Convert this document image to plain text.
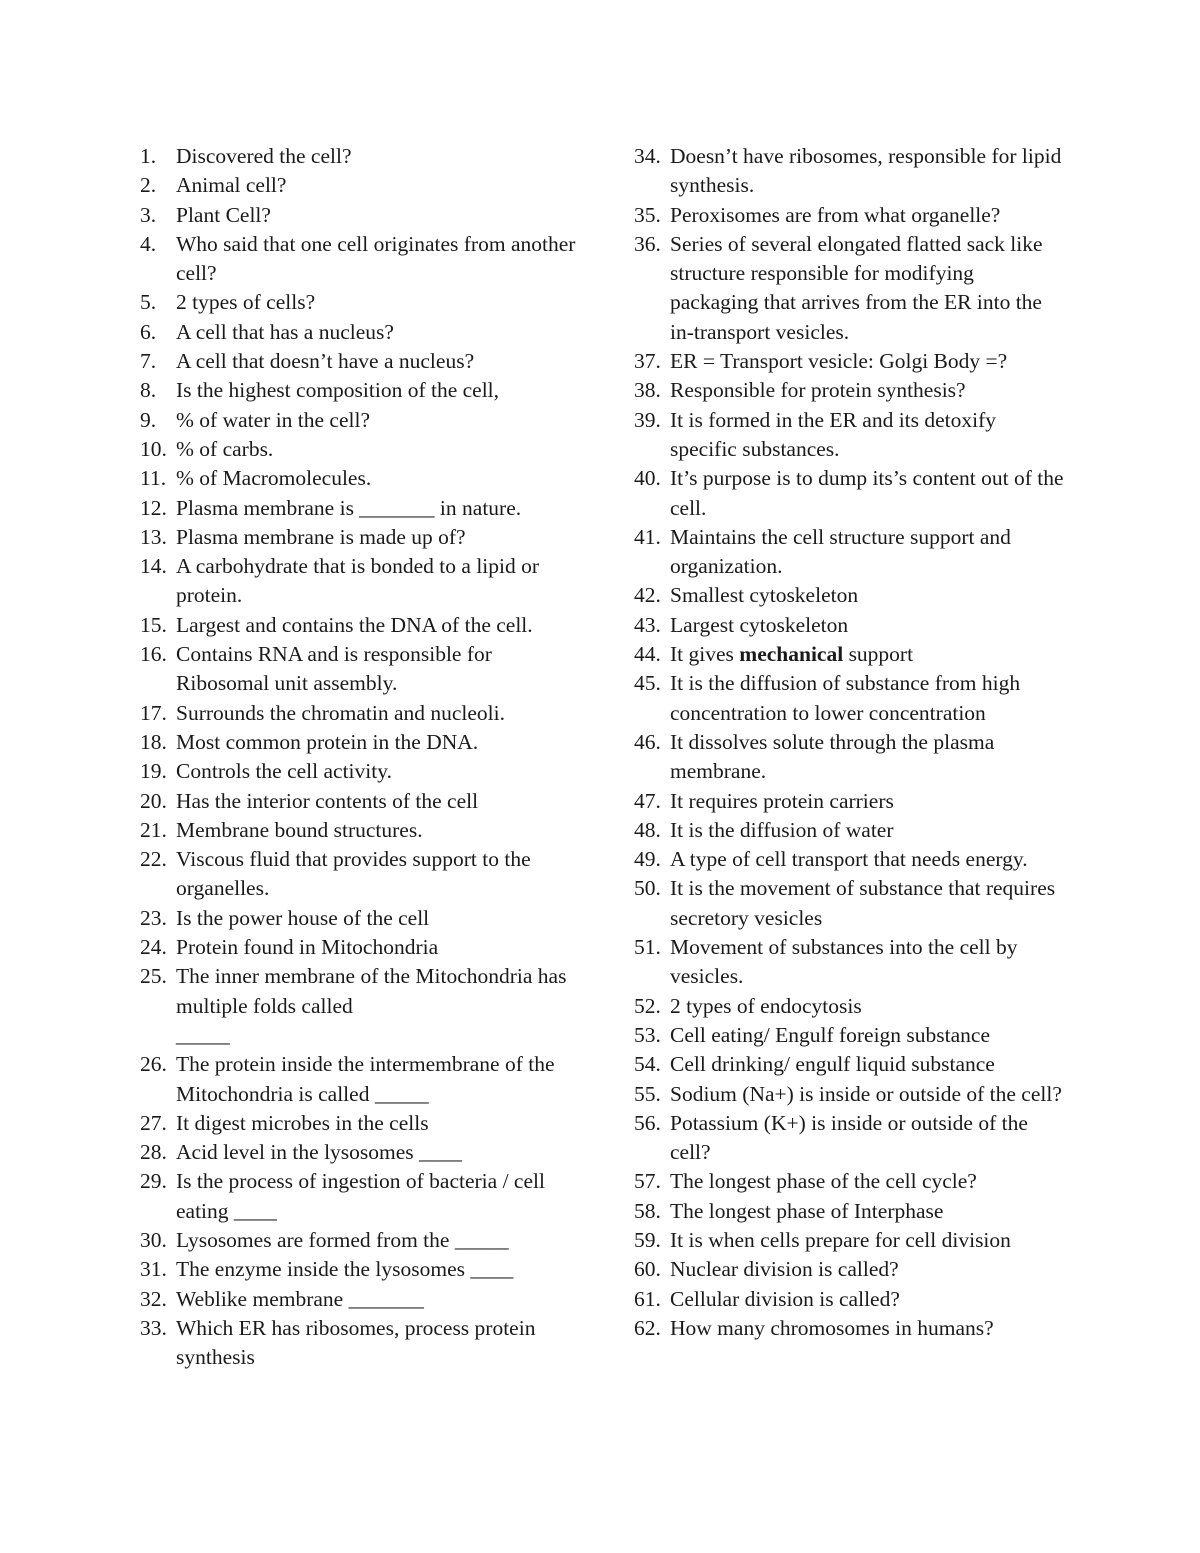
1. Discovered the cell?
2. Animal cell?
3. Plant Cell?
4. Who said that one cell originates from another cell?
5. 2 types of cells?
6. A cell that has a nucleus?
7. A cell that doesn’t have a nucleus?
8. Is the highest composition of the cell,
9. % of water in the cell?
10. % of carbs.
11. % of Macromolecules.
12. Plasma membrane is _______ in nature.
13. Plasma membrane is made up of?
14. A carbohydrate that is bonded to a lipid or protein.
15. Largest and contains the DNA of the cell.
16. Contains RNA and is responsible for Ribosomal unit assembly.
17. Surrounds the chromatin and nucleoli.
18. Most common protein in the DNA.
19. Controls the cell activity.
20. Has the interior contents of the cell
21. Membrane bound structures.
22. Viscous fluid that provides support to the organelles.
23. Is the power house of the cell
24. Protein found in Mitochondria
25. The inner membrane of the Mitochondria has multiple folds called
_____
26. The protein inside the intermembrane of the Mitochondria is called _____
27. It digest microbes in the cells
28. Acid level in the lysosomes ____
29. Is the process of ingestion of bacteria / cell eating ____
30. Lysosomes are formed from the _____
31. The enzyme inside the lysosomes ____
32. Weblike membrane _______
33. Which ER has ribosomes, process protein synthesis
34. Doesn’t have ribosomes, responsible for lipid synthesis.
35. Peroxisomes are from what organelle?
36. Series of several elongated flatted sack like structure responsible for modifying packaging that arrives from the ER into the in-transport vesicles.
37. ER = Transport vesicle: Golgi Body =?
38. Responsible for protein synthesis?
39. It is formed in the ER and its detoxify specific substances.
40. It’s purpose is to dump its’s content out of the cell.
41. Maintains the cell structure support and organization.
42. Smallest cytoskeleton
43. Largest cytoskeleton
44. It gives mechanical support
45. It is the diffusion of substance from high concentration to lower concentration
46. It dissolves solute through the plasma membrane.
47. It requires protein carriers
48. It is the diffusion of water
49. A type of cell transport that needs energy.
50. It is the movement of substance that requires secretory vesicles
51. Movement of substances into the cell by vesicles.
52. 2 types of endocytosis
53. Cell eating/ Engulf foreign substance
54. Cell drinking/ engulf liquid substance
55. Sodium (Na+) is inside or outside of the cell?
56. Potassium (K+) is inside or outside of the cell?
57. The longest phase of the cell cycle?
58. The longest phase of Interphase
59. It is when cells prepare for cell division
60. Nuclear division is called?
61. Cellular division is called?
62. How many chromosomes in humans?
